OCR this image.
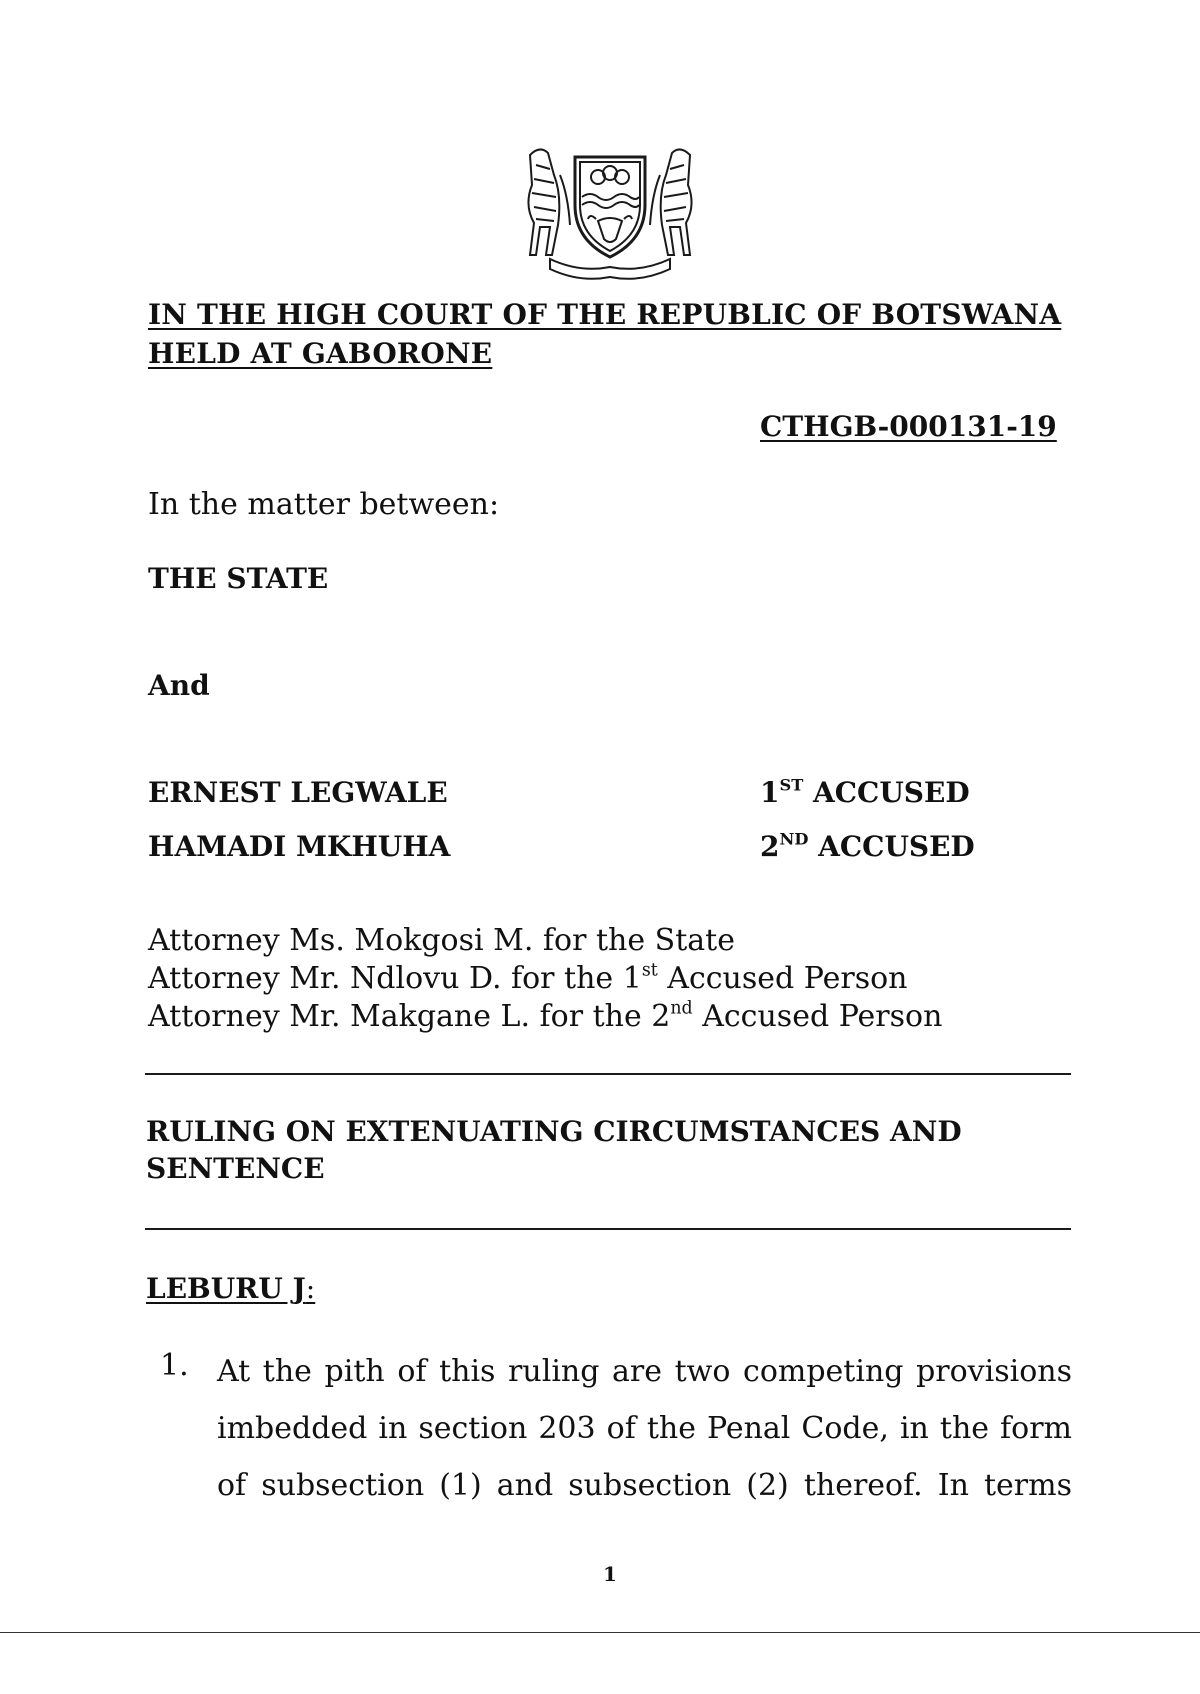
IN THE HIGH COURT OF THE REPUBLIC OF BOTSWANA
HELD AT GABORONE
CTHGB-000131-19
In the matter between:
THE STATE
And
ERNEST LEGWALE	1ST ACCUSED
HAMADI MKHUHA	2ND ACCUSED
Attorney Ms. Mokgosi M. for the State
Attorney Mr. Ndlovu D. for the 1st Accused Person
Attorney Mr. Makgane L. for the 2nd Accused Person
RULING ON EXTENUATING CIRCUMSTANCES AND SENTENCE
LEBURU J:
1. At the pith of this ruling are two competing provisions
imbedded in section 203 of the Penal Code, in the form
of subsection (1) and subsection (2) thereof. In terms
1
